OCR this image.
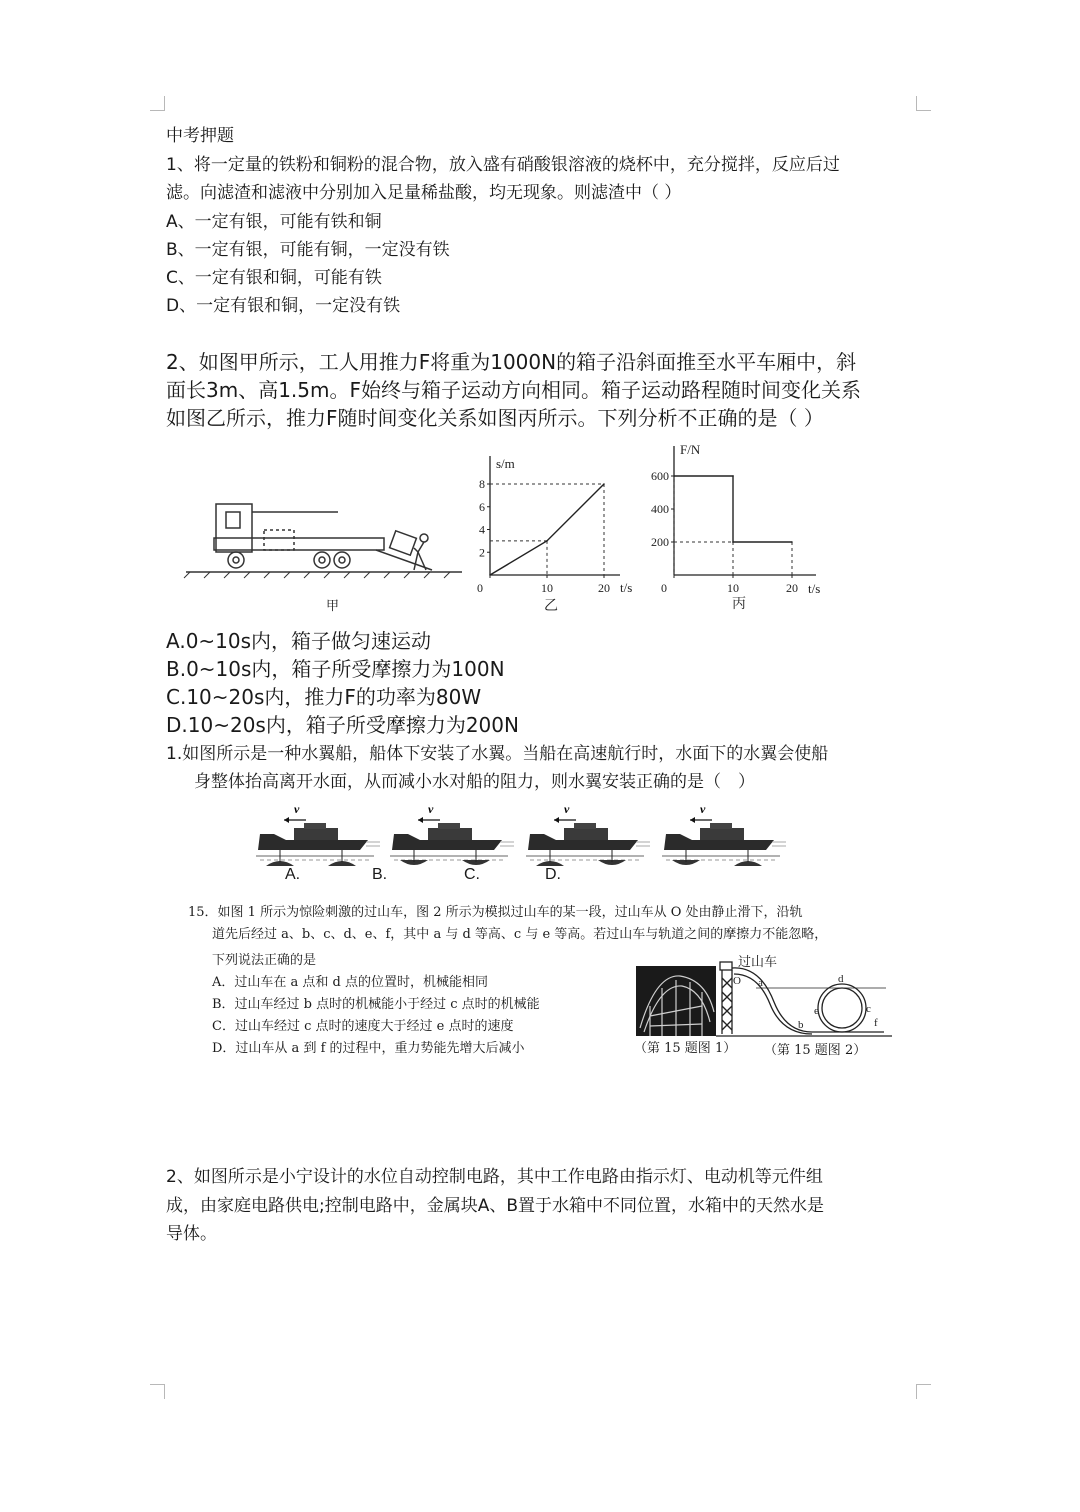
中考押题
1、将一定量的铁粉和铜粉的混合物，放入盛有硝酸银溶液的烧杯中，充分搅拌，反应后过
滤。向滤渣和滤液中分别加入足量稀盐酸，均无现象。则滤渣中（ ）
A、一定有银，可能有铁和铜
B、一定有银，可能有铜，一定没有铁
C、一定有银和铜，可能有铁
D、一定有银和铜，一定没有铁
2、如图甲所示，工人用推力F将重为1000N的箱子沿斜面推至水平车厢中，斜
面长3m、高1.5m。F始终与箱子运动方向相同。箱子运动路程随时间变化关系
如图乙所示，推力F随时间变化关系如图丙所示。下列分析不正确的是（ ）
甲
2
4
6
8
0	10	20
s/m
t/s
乙
200
400
600
0	10	20
F/N
t/s
丙
A.0~10s内，箱子做匀速运动
B.0~10s内，箱子所受摩擦力为100N
C.10~20s内，推力F的功率为80W
D.10~20s内，箱子所受摩擦力为200N
1.如图所示是一种水翼船，船体下安装了水翼。当船在高速航行时，水面下的水翼会使船
身整体抬高离开水面，从而减小水对船的阻力，则水翼安装正确的是（　）
v	v	v	v
A.	B.	C.	D.
15．如图 1 所示为惊险刺激的过山车，图 2 所示为模拟过山车的某一段，过山车从 O 处由静止滑下，沿轨
道先后经过 a、b、c、d、e、f，其中 a 与 d 等高、c 与 e 等高。若过山车与轨道之间的摩擦力不能忽略，
下列说法正确的是
A．过山车在 a 点和 d 点的位置时，机械能相同
B．过山车经过 b 点时的机械能小于经过 c 点时的机械能
C．过山车经过 c 点时的速度大于经过 e 点时的速度
D．过山车从 a 到 f 的过程中，重力势能先增大后减小
过山车
O a
b
c
d
e
f
（第 15 题图 1） （第 15 题图 2）
2、如图所示是小宁设计的水位自动控制电路，其中工作电路由指示灯、电动机等元件组
成，由家庭电路供电;控制电路中，金属块A、B置于水箱中不同位置，水箱中的天然水是
导体。
